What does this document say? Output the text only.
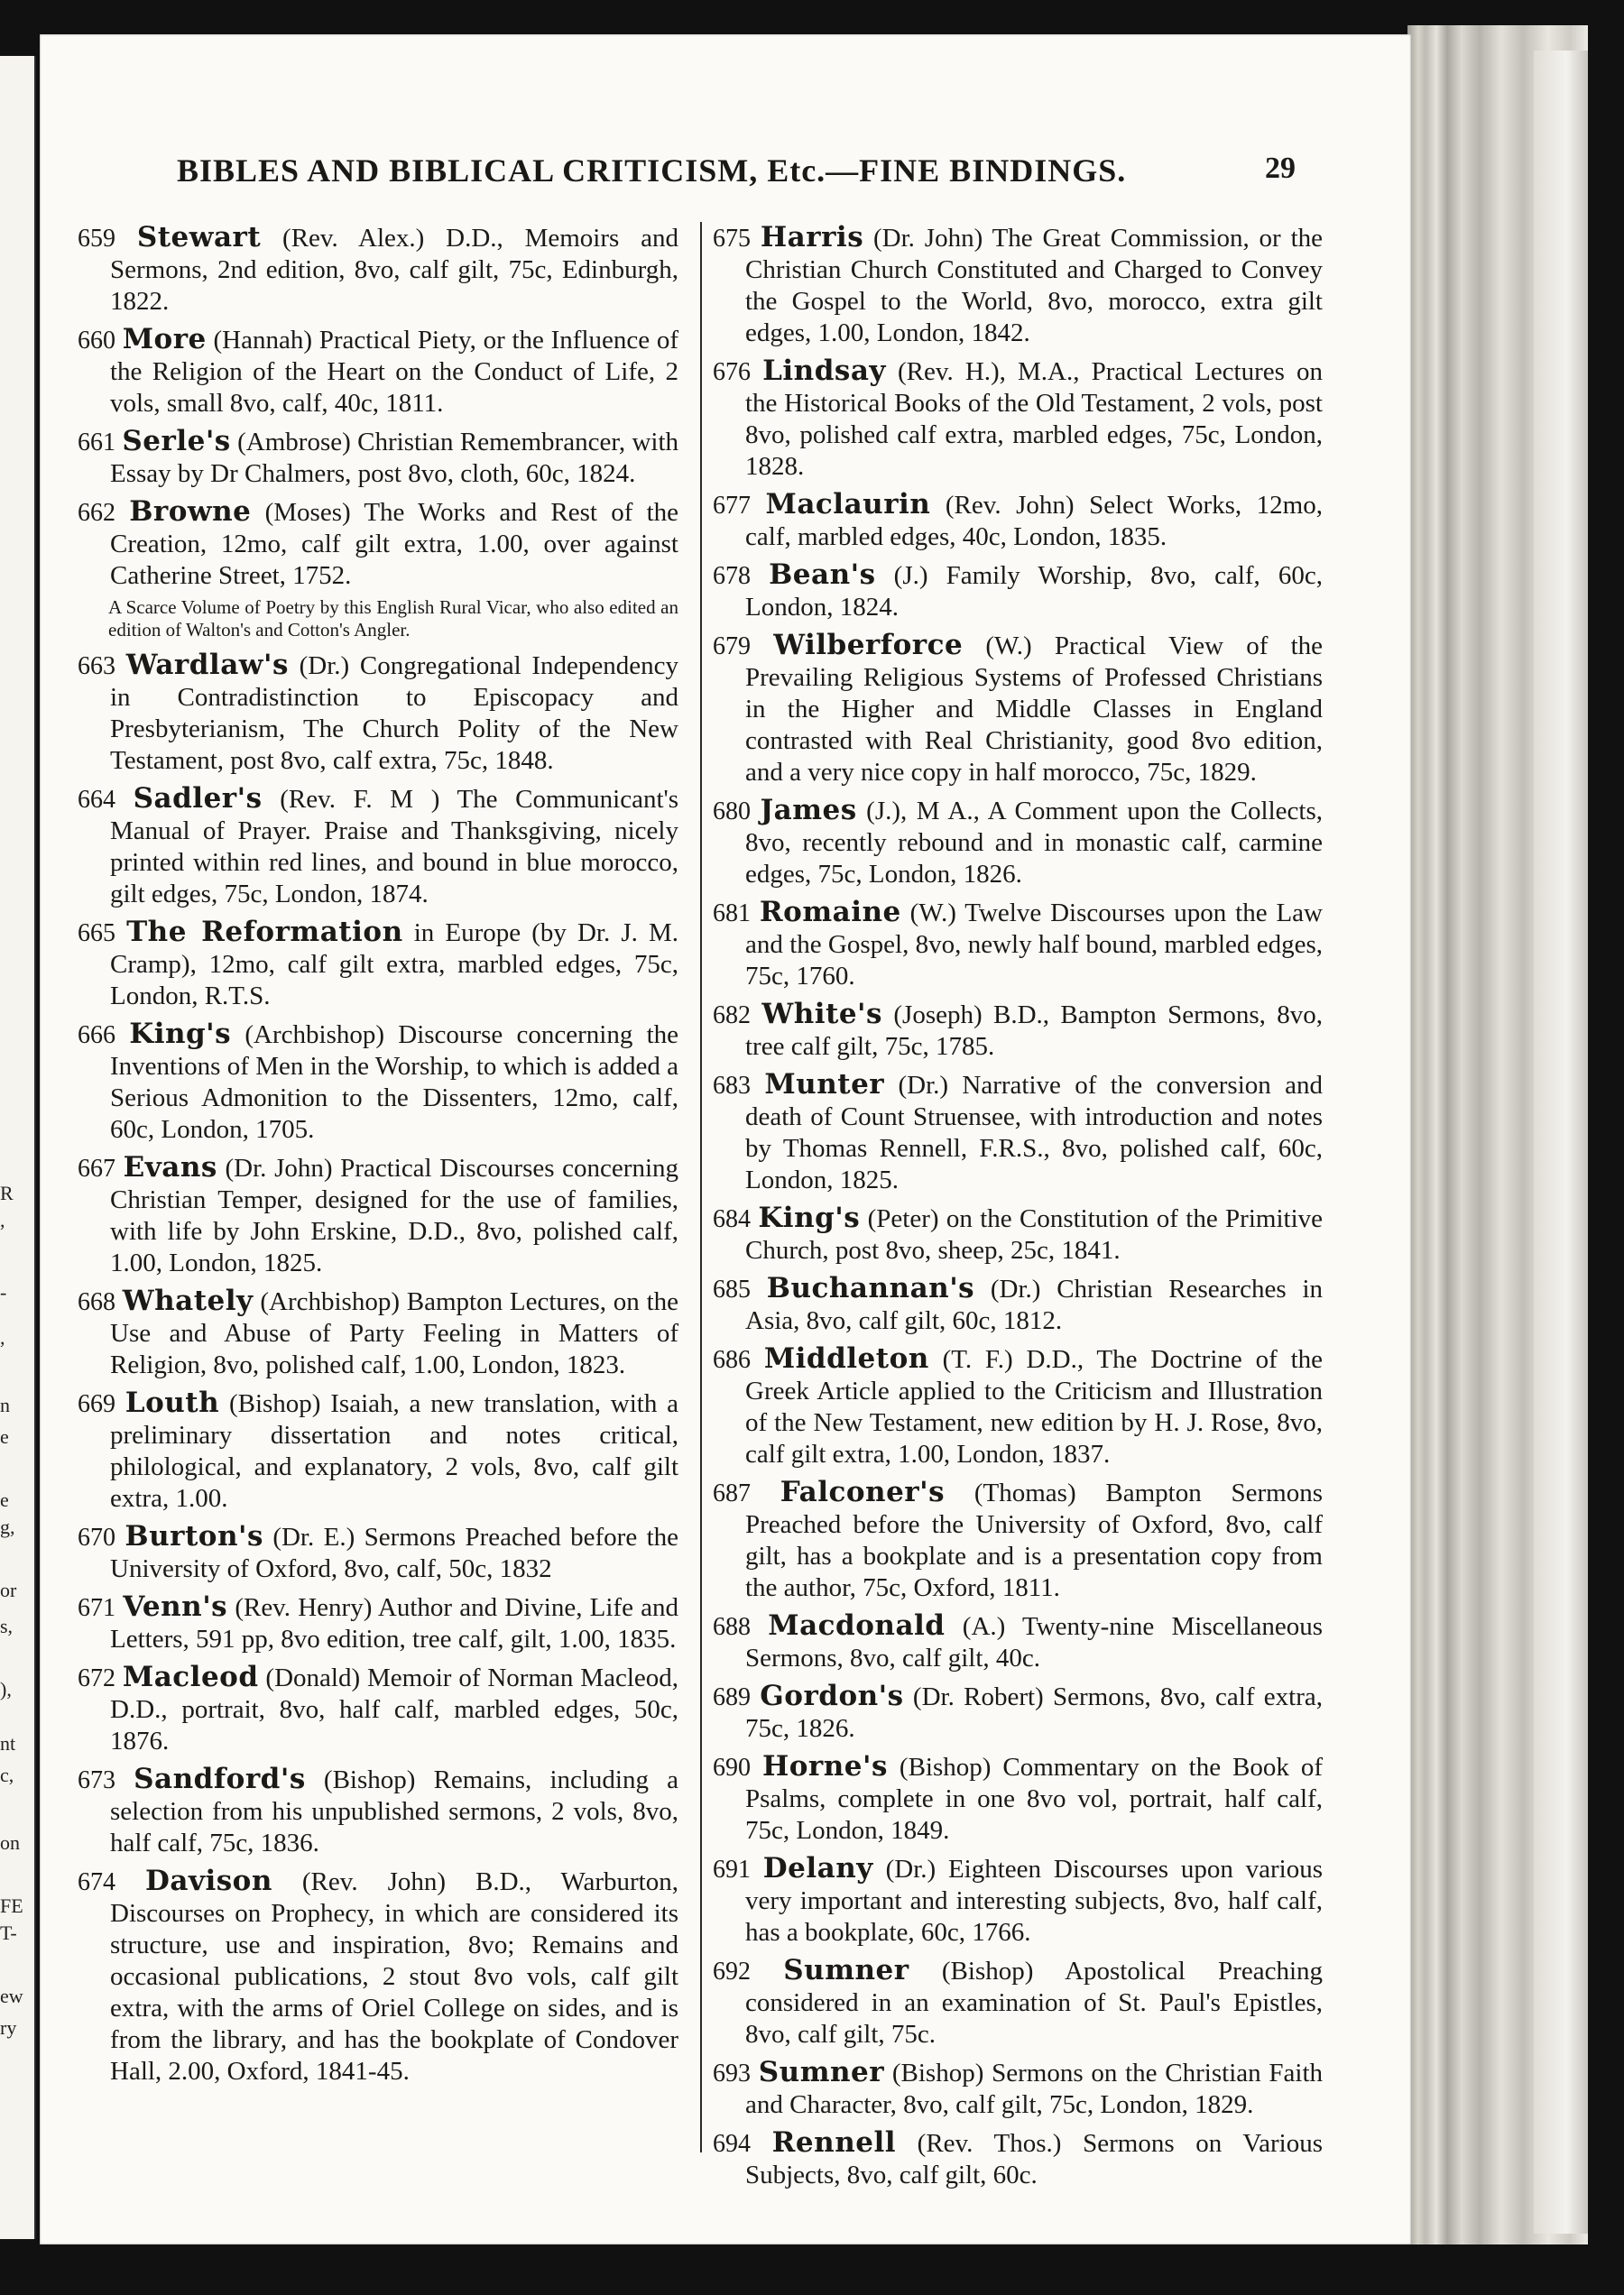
R
,
-
,
n
e
e
g,
or
s,
),
nt
c,
on
FE
T-
ew
ry
BIBLES AND BIBLICAL CRITICISM, Etc.—FINE BINDINGS.	29
659 Stewart (Rev. Alex.) D.D., Memoirs and Sermons, 2nd edition, 8vo, calf gilt, 75c, Edinburgh, 1822.
660 More (Hannah) Practical Piety, or the Influence of the Religion of the Heart on the Conduct of Life, 2 vols, small 8vo, calf, 40c, 1811.
661 Serle's (Ambrose) Christian Remembrancer, with Essay by Dr Chalmers, post 8vo, cloth, 60c, 1824.
662 Browne (Moses) The Works and Rest of the Creation, 12mo, calf gilt extra, 1.00, over against Catherine Street, 1752.
A Scarce Volume of Poetry by this English Rural Vicar, who also edited an edition of Walton's and Cotton's Angler.
663 Wardlaw's (Dr.) Congregational Independency in Contradistinction to Episcopacy and Presbyterianism, The Church Polity of the New Testament, post 8vo, calf extra, 75c, 1848.
664 Sadler's (Rev. F. M ) The Communicant's Manual of Prayer. Praise and Thanksgiving, nicely printed within red lines, and bound in blue morocco, gilt edges, 75c, London, 1874.
665 The Reformation in Europe (by Dr. J. M. Cramp), 12mo, calf gilt extra, marbled edges, 75c, London, R.T.S.
666 King's (Archbishop) Discourse concerning the Inventions of Men in the Worship, to which is added a Serious Admonition to the Dissenters, 12mo, calf, 60c, London, 1705.
667 Evans (Dr. John) Practical Discourses concerning Christian Temper, designed for the use of families, with life by John Erskine, D.D., 8vo, polished calf, 1.00, London, 1825.
668 Whately (Archbishop) Bampton Lectures, on the Use and Abuse of Party Feeling in Matters of Religion, 8vo, polished calf, 1.00, London, 1823.
669 Louth (Bishop) Isaiah, a new translation, with a preliminary dissertation and notes critical, philological, and explanatory, 2 vols, 8vo, calf gilt extra, 1.00.
670 Burton's (Dr. E.) Sermons Preached before the University of Oxford, 8vo, calf, 50c, 1832
671 Venn's (Rev. Henry) Author and Divine, Life and Letters, 591 pp, 8vo edition, tree calf, gilt, 1.00, 1835.
672 Macleod (Donald) Memoir of Norman Macleod, D.D., portrait, 8vo, half calf, marbled edges, 50c, 1876.
673 Sandford's (Bishop) Remains, including a selection from his unpublished sermons, 2 vols, 8vo, half calf, 75c, 1836.
674 Davison (Rev. John) B.D., Warburton, Discourses on Prophecy, in which are considered its structure, use and inspiration, 8vo; Remains and occasional publications, 2 stout 8vo vols, calf gilt extra, with the arms of Oriel College on sides, and is from the library, and has the bookplate of Condover Hall, 2.00, Oxford, 1841-45.
675 Harris (Dr. John) The Great Commission, or the Christian Church Constituted and Charged to Convey the Gospel to the World, 8vo, morocco, extra gilt edges, 1.00, London, 1842.
676 Lindsay (Rev. H.), M.A., Practical Lectures on the Historical Books of the Old Testament, 2 vols, post 8vo, polished calf extra, marbled edges, 75c, London, 1828.
677 Maclaurin (Rev. John) Select Works, 12mo, calf, marbled edges, 40c, London, 1835.
678 Bean's (J.) Family Worship, 8vo, calf, 60c, London, 1824.
679 Wilberforce (W.) Practical View of the Prevailing Religious Systems of Professed Christians in the Higher and Middle Classes in England contrasted with Real Christianity, good 8vo edition, and a very nice copy in half morocco, 75c, 1829.
680 James (J.), M A., A Comment upon the Collects, 8vo, recently rebound and in monastic calf, carmine edges, 75c, London, 1826.
681 Romaine (W.) Twelve Discourses upon the Law and the Gospel, 8vo, newly half bound, marbled edges, 75c, 1760.
682 White's (Joseph) B.D., Bampton Sermons, 8vo, tree calf gilt, 75c, 1785.
683 Munter (Dr.) Narrative of the conversion and death of Count Struensee, with introduction and notes by Thomas Rennell, F.R.S., 8vo, polished calf, 60c, London, 1825.
684 King's (Peter) on the Constitution of the Primitive Church, post 8vo, sheep, 25c, 1841.
685 Buchannan's (Dr.) Christian Researches in Asia, 8vo, calf gilt, 60c, 1812.
686 Middleton (T. F.) D.D., The Doctrine of the Greek Article applied to the Criticism and Illustration of the New Testament, new edition by H. J. Rose, 8vo, calf gilt extra, 1.00, London, 1837.
687 Falconer's (Thomas) Bampton Sermons Preached before the University of Oxford, 8vo, calf gilt, has a bookplate and is a presentation copy from the author, 75c, Oxford, 1811.
688 Macdonald (A.) Twenty-nine Miscellaneous Sermons, 8vo, calf gilt, 40c.
689 Gordon's (Dr. Robert) Sermons, 8vo, calf extra, 75c, 1826.
690 Horne's (Bishop) Commentary on the Book of Psalms, complete in one 8vo vol, portrait, half calf, 75c, London, 1849.
691 Delany (Dr.) Eighteen Discourses upon various very important and interesting subjects, 8vo, half calf, has a bookplate, 60c, 1766.
692 Sumner (Bishop) Apostolical Preaching considered in an examination of St. Paul's Epistles, 8vo, calf gilt, 75c.
693 Sumner (Bishop) Sermons on the Christian Faith and Character, 8vo, calf gilt, 75c, London, 1829.
694 Rennell (Rev. Thos.) Sermons on Various Subjects, 8vo, calf gilt, 60c.
